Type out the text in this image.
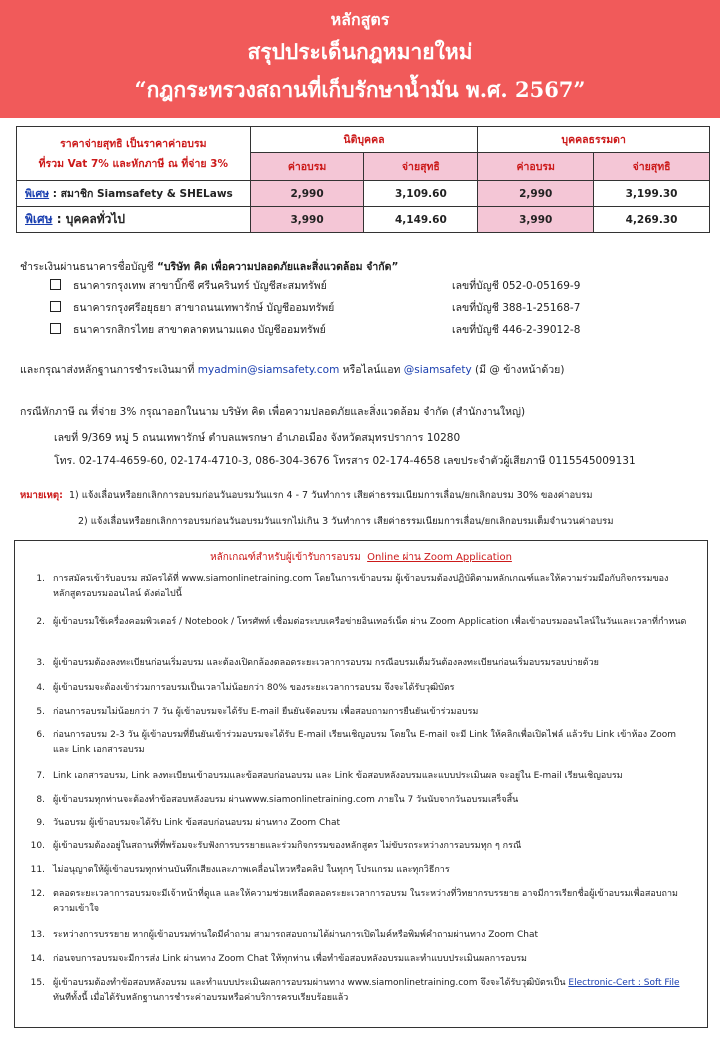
หลักสูตร
สรุปประเด็นกฎหมายใหม่
“กฎกระทรวงสถานที่เก็บรักษาน้ำมัน พ.ศ. 2567”
ราคาจ่ายสุทธิ เป็นราคาค่าอบรม
ที่รวม Vat 7% และหักภาษี ณ ที่จ่าย 3%	นิติบุคคล		บุคคลธรรมดา	
	ค่าอบรม	จ่ายสุทธิ	ค่าอบรม	จ่ายสุทธิ
พิเศษ : สมาชิก Siamsafety & SHELaws	2,990	3,109.60	2,990	3,199.30
พิเศษ : บุคคลทั่วไป	3,990	4,149.60	3,990	4,269.30
ชำระเงินผ่านธนาคารชื่อบัญชี “บริษัท คิด เพื่อความปลอดภัยและสิ่งแวดล้อม จำกัด”
ธนาคารกรุงเทพ สาขาบิ๊กซี ศรีนครินทร์ บัญชีสะสมทรัพย์	เลขที่บัญชี 052-0-05169-9
ธนาคารกรุงศรีอยุธยา สาขาถนนเทพารักษ์ บัญชีออมทรัพย์	เลขที่บัญชี 388-1-25168-7
ธนาคารกสิกรไทย สาขาตลาดหนามแดง บัญชีออมทรัพย์	เลขที่บัญชี 446-2-39012-8
และกรุณาส่งหลักฐานการชำระเงินมาที่ myadmin@siamsafety.com หรือไลน์แอท @siamsafety (มี @ ข้างหน้าด้วย)
กรณีหักภาษี ณ ที่จ่าย 3% กรุณาออกในนาม บริษัท คิด เพื่อความปลอดภัยและสิ่งแวดล้อม จำกัด (สำนักงานใหญ่)
เลขที่ 9/369 หมู่ 5 ถนนเทพารักษ์ ตำบลแพรกษา อำเภอเมือง จังหวัดสมุทรปราการ 10280
โทร. 02-174-4659-60, 02-174-4710-3, 086-304-3676 โทรสาร 02-174-4658 เลขประจำตัวผู้เสียภาษี 0115545009131
หมายเหตุ: 1) แจ้งเลื่อนหรือยกเลิกการอบรมก่อนวันอบรมวันแรก 4 - 7 วันทำการ เสียค่าธรรมเนียมการเลื่อน/ยกเลิกอบรม 30% ของค่าอบรม
2) แจ้งเลื่อนหรือยกเลิกการอบรมก่อนวันอบรมวันแรกไม่เกิน 3 วันทำการ เสียค่าธรรมเนียมการเลื่อน/ยกเลิกอบรมเต็มจำนวนค่าอบรม
หลักเกณฑ์สำหรับผู้เข้ารับการอบรม Online ผ่าน Zoom Application
1. การสมัครเข้ารับอบรม สมัครได้ที่ www.siamonlinetraining.com โดยในการเข้าอบรม ผู้เข้าอบรมต้องปฏิบัติตามหลักเกณฑ์และให้ความร่วมมือกับกิจกรรมของหลักสูตรอบรมออนไลน์ ดังต่อไปนี้
2. ผู้เข้าอบรมใช้เครื่องคอมพิวเตอร์ / Notebook / โทรศัพท์ เชื่อมต่อระบบเครือข่ายอินเทอร์เน็ต ผ่าน Zoom Application เพื่อเข้าอบรมออนไลน์ในวันและเวลาที่กำหนด
3. ผู้เข้าอบรมต้องลงทะเบียนก่อนเริ่มอบรม และต้องเปิดกล้องตลอดระยะเวลาการอบรม กรณีอบรมเต็มวันต้องลงทะเบียนก่อนเริ่มอบรมรอบบ่ายด้วย
4. ผู้เข้าอบรมจะต้องเข้าร่วมการอบรมเป็นเวลาไม่น้อยกว่า 80% ของระยะเวลาการอบรม จึงจะได้รับวุฒิบัตร
5. ก่อนการอบรมไม่น้อยกว่า 7 วัน ผู้เข้าอบรมจะได้รับ E-mail ยืนยันจัดอบรม เพื่อสอบถามการยืนยันเข้าร่วมอบรม
6. ก่อนการอบรม 2-3 วัน ผู้เข้าอบรมที่ยืนยันเข้าร่วมอบรมจะได้รับ E-mail เรียนเชิญอบรม โดยใน E-mail จะมี Link ให้คลิกเพื่อเปิดไฟล์ แล้วรับ Link เข้าห้อง Zoom และ Link เอกสารอบรม
7. Link เอกสารอบรม, Link ลงทะเบียนเข้าอบรมและข้อสอบก่อนอบรม และ Link ข้อสอบหลังอบรมและแบบประเมินผล จะอยู่ใน E-mail เรียนเชิญอบรม
8. ผู้เข้าอบรมทุกท่านจะต้องทำข้อสอบหลังอบรม ผ่านwww.siamonlinetraining.com ภายใน 7 วันนับจากวันอบรมเสร็จสิ้น
9. วันอบรม ผู้เข้าอบรมจะได้รับ Link ข้อสอบก่อนอบรม ผ่านทาง Zoom Chat
10. ผู้เข้าอบรมต้องอยู่ในสถานที่ที่พร้อมจะรับฟังการบรรยายและร่วมกิจกรรมของหลักสูตร ไม่ขับรถระหว่างการอบรมทุก ๆ กรณี
11. ไม่อนุญาตให้ผู้เข้าอบรมทุกท่านบันทึกเสียงและภาพเคลื่อนไหวหรือคลิป ในทุกๆ โปรแกรม และทุกวิธีการ
12. ตลอดระยะเวลาการอบรมจะมีเจ้าหน้าที่ดูแล และให้ความช่วยเหลือตลอดระยะเวลาการอบรม ในระหว่างที่วิทยากรบรรยาย อาจมีการเรียกชื่อผู้เข้าอบรมเพื่อสอบถามความเข้าใจ
13. ระหว่างการบรรยาย หากผู้เข้าอบรมท่านใดมีคำถาม สามารถสอบถามได้ผ่านการเปิดไมค์หรือพิมพ์คำถามผ่านทาง Zoom Chat
14. ก่อนจบการอบรมจะมีการส่ง Link ผ่านทาง Zoom Chat ให้ทุกท่าน เพื่อทำข้อสอบหลังอบรมและทำแบบประเมินผลการอบรม
15. ผู้เข้าอบรมต้องทำข้อสอบหลังอบรม และทำแบบประเมินผลการอบรมผ่านทาง www.siamonlinetraining.com จึงจะได้รับวุฒิบัตรเป็น Electronic-Cert : Soft File ทันทีทั้งนี้ เมื่อได้รับหลักฐานการชำระค่าอบรมหรือค่าบริการครบเรียบร้อยแล้ว
